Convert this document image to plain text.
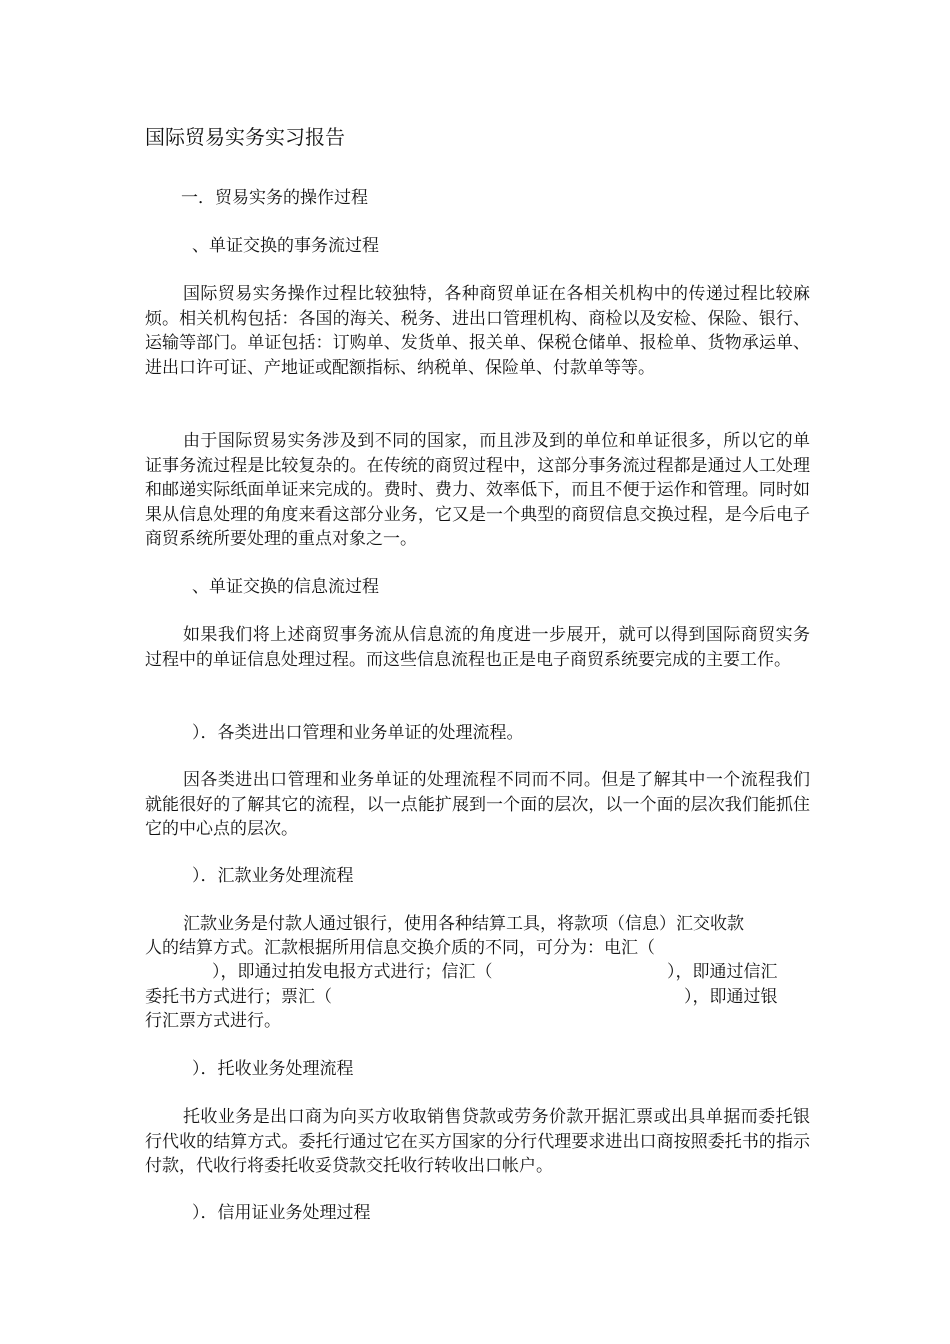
国际贸易实务实习报告
一．贸易实务的操作过程
、单证交换的事务流过程

国际贸易实务操作过程比较独特，各种商贸单证在各相关机构中的传递过程比较麻烦。相关机构包括：各国的海关、税务、进出口管理机构、商检以及安检、保险、银行、运输等部门。单证包括：订购单、发货单、报关单、保税仓储单、报检单、货物承运单、进出口许可证、产地证或配额指标、纳税单、保险单、付款单等等。

由于国际贸易实务涉及到不同的国家，而且涉及到的单位和单证很多，所以它的单证事务流过程是比较复杂的。在传统的商贸过程中，这部分事务流过程都是通过人工处理和邮递实际纸面单证来完成的。费时、费力、效率低下，而且不便于运作和管理。同时如果从信息处理的角度来看这部分业务，它又是一个典型的商贸信息交换过程，是今后电子商贸系统所要处理的重点对象之一。

、单证交换的信息流过程

如果我们将上述商贸事务流从信息流的角度进一步展开，就可以得到国际商贸实务过程中的单证信息处理过程。而这些信息流程也正是电子商贸系统要完成的主要工作。

）．各类进出口管理和业务单证的处理流程。

因各类进出口管理和业务单证的处理流程不同而不同。但是了解其中一个流程我们就能很好的了解其它的流程，以一点能扩展到一个面的层次，以一个面的层次我们能抓住它的中心点的层次。

）．汇款业务处理流程
汇款业务是付款人通过银行，使用各种结算工具，将款项（信息）汇交收款
人的结算方式。汇款根据所用信息交换介质的不同，可分为：电汇（
），即通过拍发电报方式进行；信汇（	），即通过信汇
委托书方式进行；票汇（	），即通过银
行汇票方式进行。
）．托收业务处理流程

托收业务是出口商为向买方收取销售贷款或劳务价款开据汇票或出具单据而委托银行代收的结算方式。委托行通过它在买方国家的分行代理要求进出口商按照委托书的指示付款，代收行将委托收妥贷款交托收行转收出口帐户。

）．信用证业务处理过程
